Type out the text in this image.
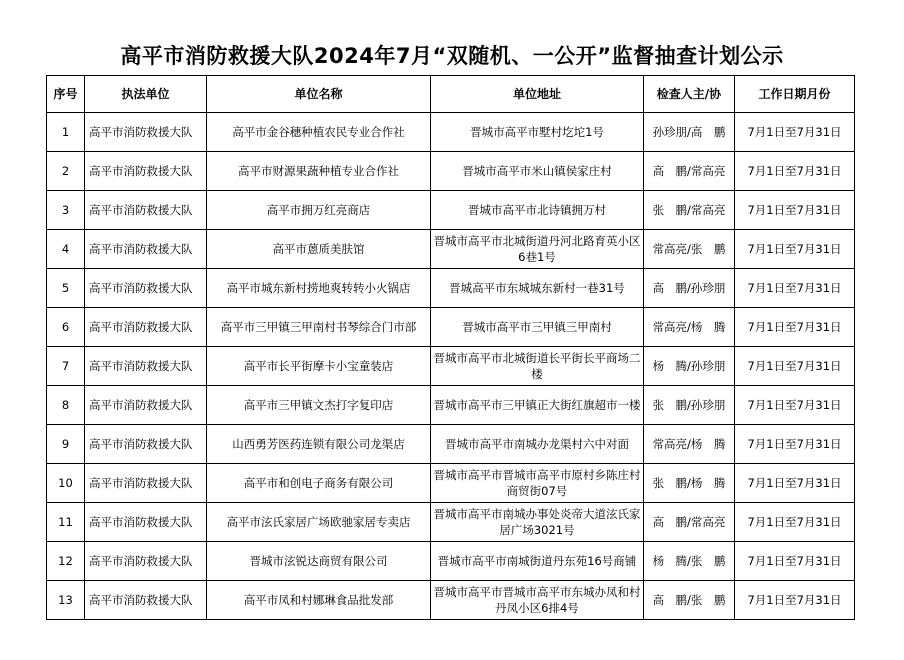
高平市消防救援大队2024年7月“双随机、一公开”监督抽查计划公示
序号	执法单位	单位名称	单位地址	检查人主/协	工作日期月份
1	高平市消防救援大队	高平市金谷穗种植农民专业合作社	晋城市高平市墅村圪坨1号	孙珍朋/高　鹏	7月1日至7月31日
2	高平市消防救援大队	高平市财源果蔬种植专业合作社	晋城市高平市米山镇侯家庄村	高　鹏/常高亮	7月1日至7月31日
3	高平市消防救援大队	高平市拥万红亮商店	晋城市高平市北诗镇拥万村	张　鹏/常高亮	7月1日至7月31日
4	高平市消防救援大队	高平市蒽质美肤馆	晋城市高平市北城街道丹河北路育英小区6巷1号	常高亮/张　鹏	7月1日至7月31日
5	高平市消防救援大队	高平市城东新村捞地爽转转小火锅店	晋城高平市东城城东新村一巷31号	高　鹏/孙珍朋	7月1日至7月31日
6	高平市消防救援大队	高平市三甲镇三甲南村书琴综合门市部	晋城市高平市三甲镇三甲南村	常高亮/杨　腾	7月1日至7月31日
7	高平市消防救援大队	高平市长平街摩卡小宝童装店	晋城市高平市北城街道长平街长平商场二楼	杨　腾/孙珍朋	7月1日至7月31日
8	高平市消防救援大队	高平市三甲镇文杰打字复印店	晋城市高平市三甲镇正大街红旗超市一楼	张　鹏/孙珍朋	7月1日至7月31日
9	高平市消防救援大队	山西勇芳医药连锁有限公司龙渠店	晋城市高平市南城办龙渠村六中对面	常高亮/杨　腾	7月1日至7月31日
10	高平市消防救援大队	高平市和创电子商务有限公司	晋城市高平市晋城市高平市原村乡陈庄村商贸街07号	张　鹏/杨　腾	7月1日至7月31日
11	高平市消防救援大队	高平市泫氏家居广场欧驰家居专卖店	晋城市高平市南城办事处炎帝大道泫氏家居广场3021号	高　鹏/常高亮	7月1日至7月31日
12	高平市消防救援大队	晋城市泫锐达商贸有限公司	晋城市高平市南城街道丹东苑16号商铺	杨　腾/张　鹏	7月1日至7月31日
13	高平市消防救援大队	高平市凤和村娜琳食品批发部	晋城市高平市晋城市高平市东城办凤和村丹凤小区6排4号	高　鹏/张　鹏	7月1日至7月31日
